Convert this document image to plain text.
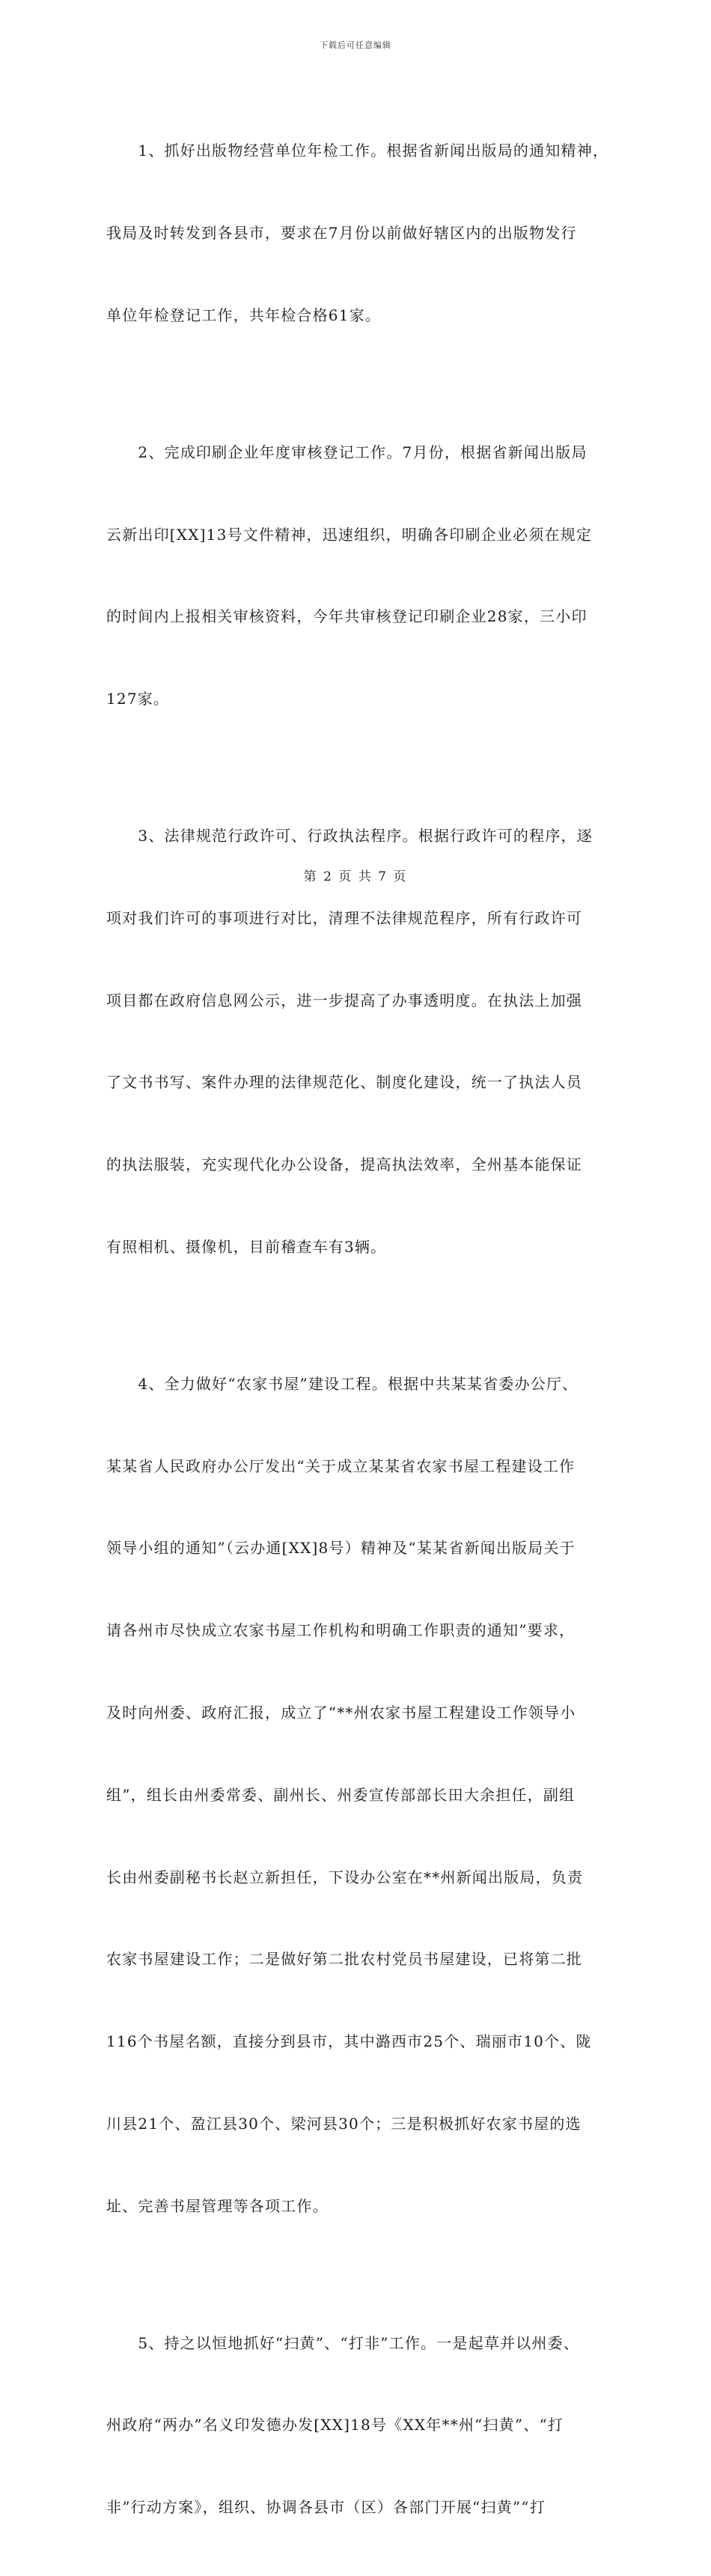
下载后可任意编辑

　　1、抓好出版物经营单位年检工作。根据省新闻出版局的通知精神，

我局及时转发到各县市，要求在7月份以前做好辖区内的出版物发行

单位年检登记工作，共年检合格61家。

　　2、完成印刷企业年度审核登记工作。7月份，根据省新闻出版局

云新出印[XX]13号文件精神，迅速组织，明确各印刷企业必须在规定

的时间内上报相关审核资料，今年共审核登记印刷企业28家，三小印

127家。

　　3、法律规范行政许可、行政执法程序。根据行政许可的程序，逐

项对我们许可的事项进行对比，清理不法律规范程序，所有行政许可

项目都在政府信息网公示，进一步提高了办事透明度。在执法上加强

了文书书写、案件办理的法律规范化、制度化建设，统一了执法人员

的执法服装，充实现代化办公设备，提高执法效率，全州基本能保证

有照相机、摄像机，目前稽查车有3辆。

　　4、全力做好“农家书屋”建设工程。根据中共某某省委办公厅、

某某省人民政府办公厅发出“关于成立某某省农家书屋工程建设工作

领导小组的通知”（云办通[XX]8号）精神及“某某省新闻出版局关于

请各州市尽快成立农家书屋工作机构和明确工作职责的通知”要求，

及时向州委、政府汇报，成立了“**州农家书屋工程建设工作领导小

组”，组长由州委常委、副州长、州委宣传部部长田大余担任，副组

长由州委副秘书长赵立新担任，下设办公室在**州新闻出版局，负责

农家书屋建设工作；二是做好第二批农村党员书屋建设，已将第二批

116个书屋名额，直接分到县市，其中潞西市25个、瑞丽市10个、陇

川县21个、盈江县30个、梁河县30个；三是积极抓好农家书屋的选

址、完善书屋管理等各项工作。

　　5、持之以恒地抓好“扫黄”、“打非”工作。一是起草并以州委、

州政府“两办”名义印发德办发[XX]18号《XX年**州“扫黄”、“打

非”行动方案》，组织、协调各县市（区）各部门开展“扫黄”“打

第 2 页 共 7 页
